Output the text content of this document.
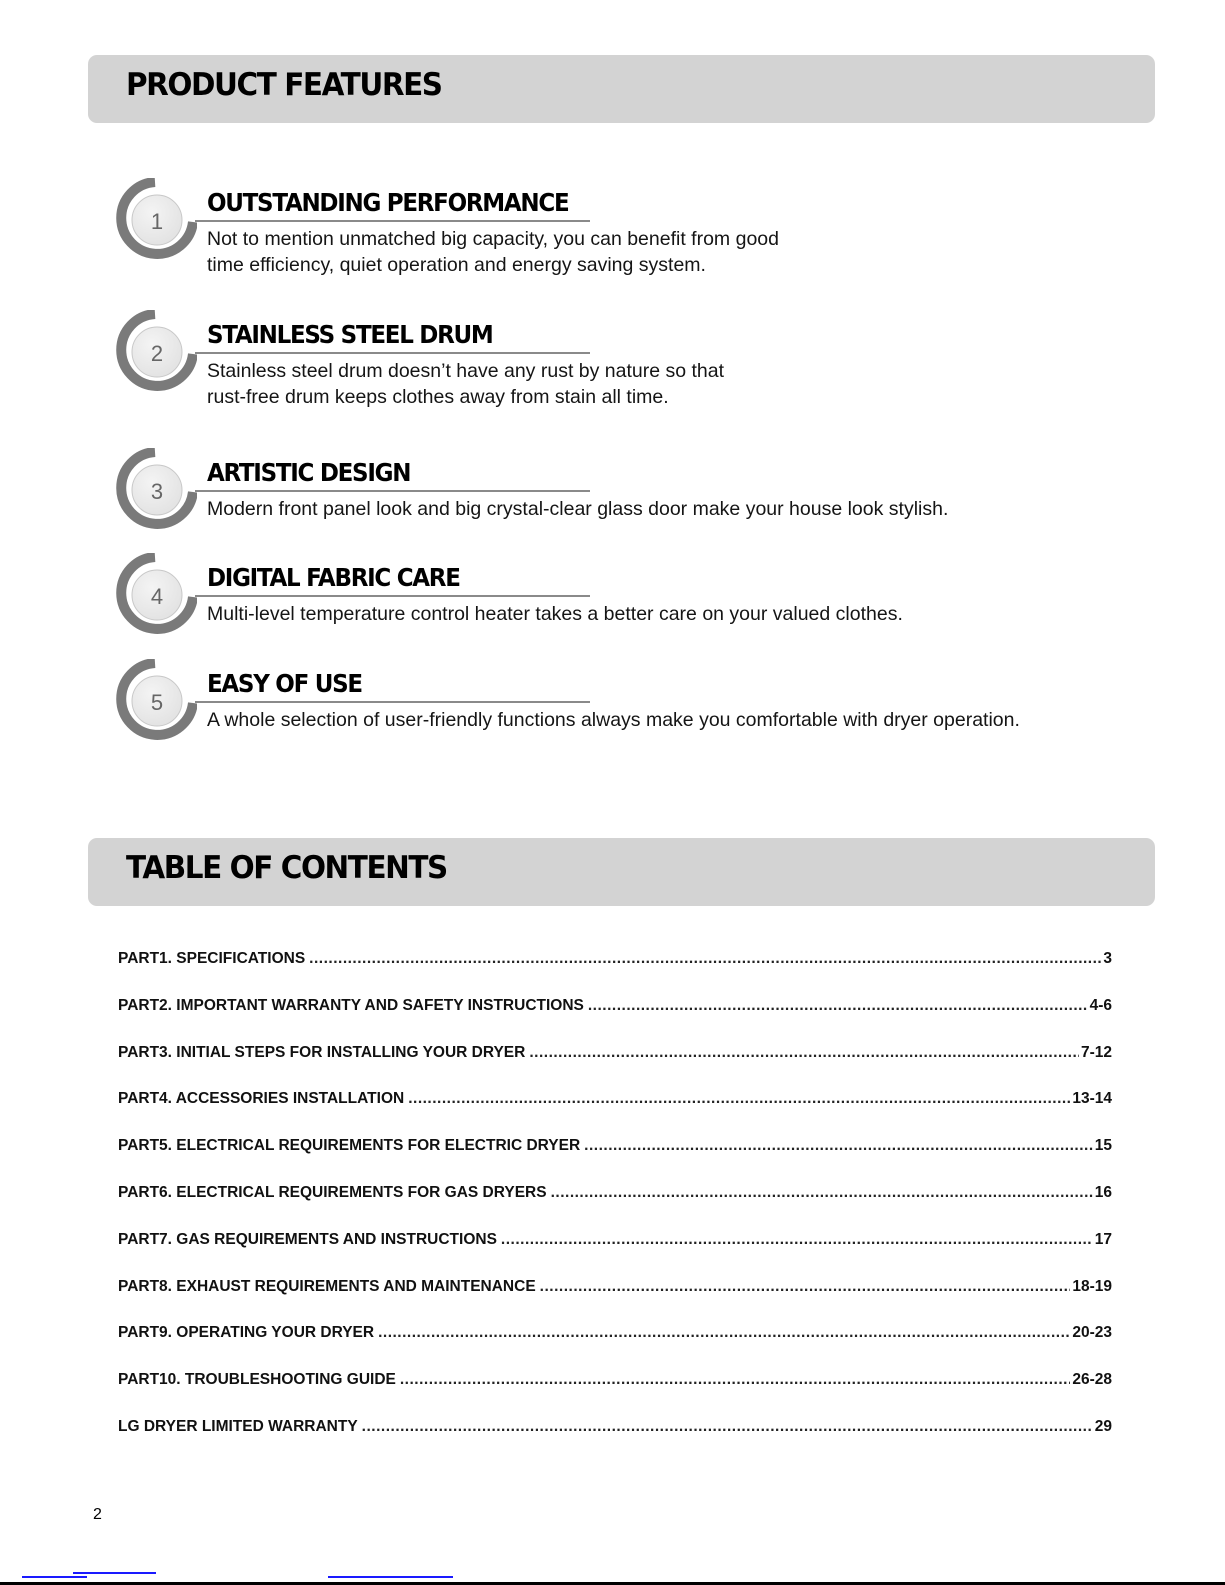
PRODUCT FEATURES
1
OUTSTANDING PERFORMANCE
Not to mention unmatched big capacity, you can benefit from good
time efficiency, quiet operation and energy saving system.
2
STAINLESS STEEL DRUM
Stainless steel drum doesn’t have any rust by nature so that
rust-free drum keeps clothes away from stain all time.
3
ARTISTIC DESIGN
Modern front panel look and big crystal-clear glass door make your house look stylish.
4
DIGITAL FABRIC CARE
Multi-level temperature control heater takes a better care on your valued clothes.
5
EASY OF USE
A whole selection of user-friendly functions always make you comfortable with dryer operation.
TABLE OF CONTENTS
PART1. SPECIFICATIONS .....	3
PART2. IMPORTANT WARRANTY AND SAFETY INSTRUCTIONS .....	4-6
PART3. INITIAL STEPS FOR INSTALLING YOUR DRYER .....	7-12
PART4. ACCESSORIES INSTALLATION .....	13-14
PART5. ELECTRICAL REQUIREMENTS FOR ELECTRIC DRYER .....	15
PART6. ELECTRICAL REQUIREMENTS FOR GAS DRYERS .....	16
PART7. GAS REQUIREMENTS AND INSTRUCTIONS .....	17
PART8. EXHAUST REQUIREMENTS AND MAINTENANCE .....	18-19
PART9. OPERATING YOUR DRYER .....	20-23
PART10. TROUBLESHOOTING GUIDE .....	26-28
LG DRYER LIMITED WARRANTY .....	29
2
